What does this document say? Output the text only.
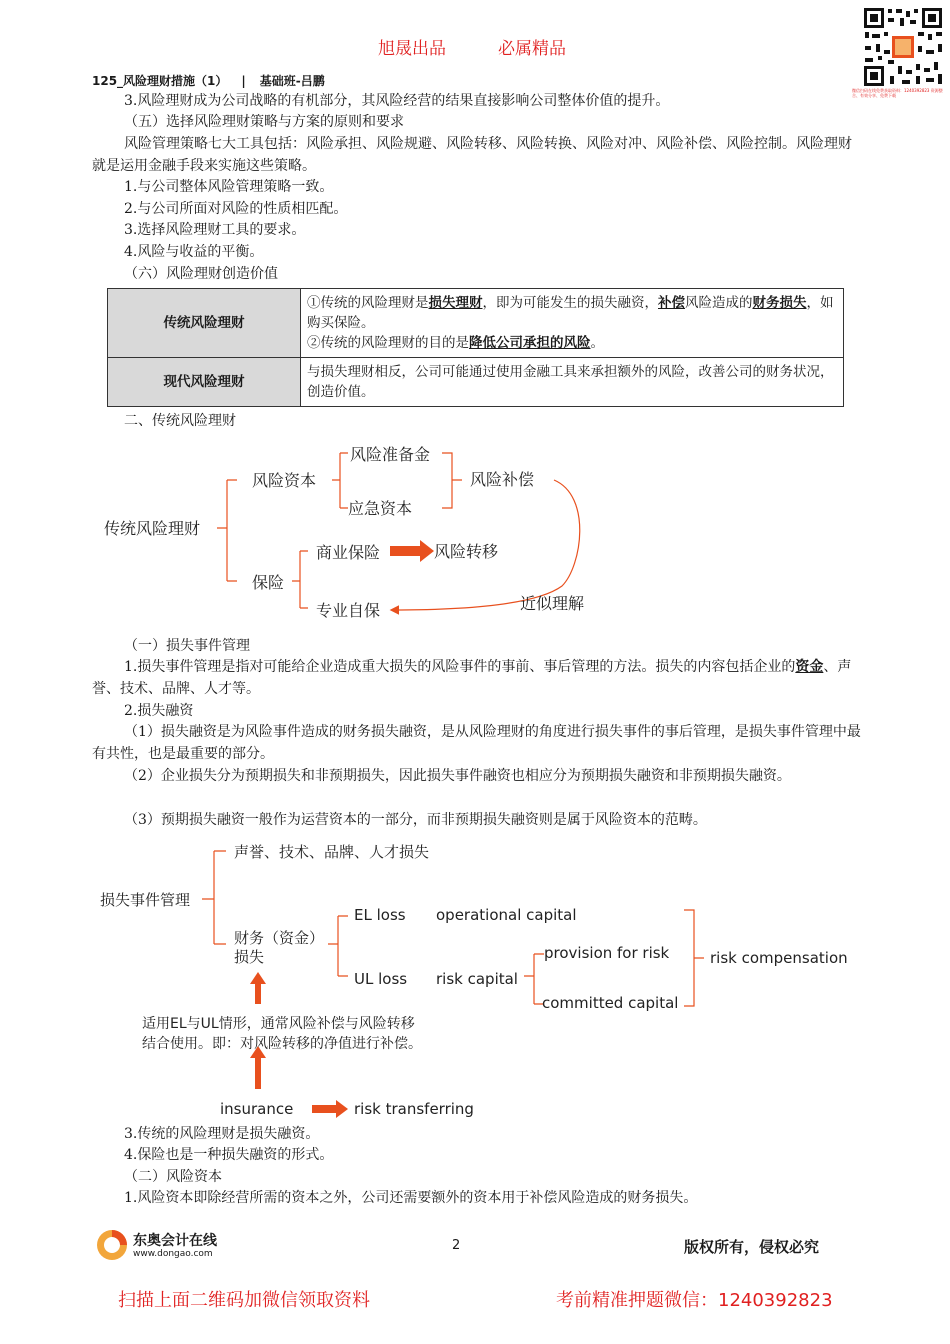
旭晟出品	必属精品
125_风险理财措施（1） | 基础班-吕鹏
微信扫码在线免费获取资料：1240392823 资源整合、有效分享、免费下载
3.风险理财成为公司战略的有机部分，其风险经营的结果直接影响公司整体价值的提升。
（五）选择风险理财策略与方案的原则和要求
风险管理策略七大工具包括：风险承担、风险规避、风险转移、风险转换、风险对冲、风险补偿、风险控制。风险理财就是运用金融手段来实施这些策略。
1.与公司整体风险管理策略一致。
2.与公司所面对风险的性质相匹配。
3.选择风险理财工具的要求。
4.风险与收益的平衡。
（六）风险理财创造价值
传统风险理财	①传统的风险理财是损失理财，即为可能发生的损失融资，补偿风险造成的财务损失，如购买保险。
②传统的风险理财的目的是降低公司承担的风险。
现代风险理财	与损失理财相反，公司可能通过使用金融工具来承担额外的风险，改善公司的财务状况，创造价值。
二、传统风险理财
传统风险理财
风险资本
风险准备金
应急资本
风险补偿
保险
商业保险	风险转移
专业自保	近似理解
（一）损失事件管理
1.损失事件管理是指对可能给企业造成重大损失的风险事件的事前、事后管理的方法。损失的内容包括企业的资金、声誉、技术、品牌、人才等。
2.损失融资
（1）损失融资是为风险事件造成的财务损失融资，是从风险理财的角度进行损失事件的事后管理，是损失事件管理中最有共性，也是最重要的部分。
（2）企业损失分为预期损失和非预期损失，因此损失事件融资也相应分为预期损失融资和非预期损失融资。
（3）预期损失融资一般作为运营资本的一部分，而非预期损失融资则是属于风险资本的范畴。
损失事件管理
声誉、技术、品牌、人才损失
财务（资金）
损失
EL loss operational capital
UL loss risk capital
provision for risk
committed capital
risk compensation
适用EL与UL情形，通常风险补偿与风险转移
结合使用。即：对风险转移的净值进行补偿。
insurance	risk transferring
3.传统的风险理财是损失融资。
4.保险也是一种损失融资的形式。
（二）风险资本
1.风险资本即除经营所需的资本之外，公司还需要额外的资本用于补偿风险造成的财务损失。
东奥会计在线
www.dongao.com
2	版权所有，侵权必究
扫描上面二维码加微信领取资料	考前精准押题微信：1240392823
